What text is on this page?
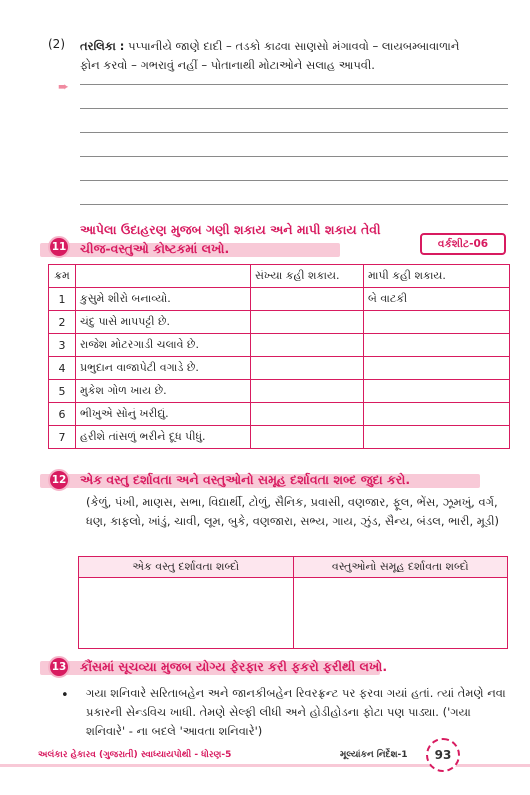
(2) તરલિકા : પપ્પાનીયે જાણે દાદી – તડકો કાઢવા સાણસો મંગાવવો – લાયબમ્બાવાળાને
ફોન કરવો – ગભરાવું નહીં – પોતાનાથી મોટાઓને સલાહ આપવી.
➨
11
આપેલા ઉદાહરણ મુજબ ગણી શકાય અને માપી શકાય તેવી
ચીજ-વસ્તુઓ કોષ્ટકમાં લખો.	વર્કશીટ-06
ક્રમ		સંખ્યા કહી શકાય.	માપી કહી શકાય.
1	કુસુમે શીરો બનાવ્યો.		બે વાટકી
2	ચંદુ પાસે માપપટ્ટી છે.		
3	રાજેશ મોટરગાડી ચલાવે છે.		
4	પ્રભુદાન વાજાપેટી વગાડે છે.		
5	મુકેશ ગોળ ખાય છે.		
6	ભીખુએ સોનું ખરીદ્યું.		
7	હરીશે તાંસળું ભરીને દૂધ પીધું.		
12 એક વસ્તુ દર્શાવતા અને વસ્તુઓનો સમૂહ દર્શાવતા શબ્દ જુદા કરો.
(કેળું, પંખી, માણસ, સભા, વિદ્યાર્થી, ટોળું, સૈનિક, પ્રવાસી, વણજાર, ફૂલ, ભેંસ, ઝૂમખું, વર્ગ, ધણ, કાફલો, ખાંડું, ચાવી, લૂમ, બુકે, વણજારા, સભ્ય, ગાય, ઝુંડ, સૈન્ય, બંડલ, ભારી, મૂડી)
એક વસ્તુ દર્શાવતા શબ્દો	વસ્તુઓનો સમૂહ દર્શાવતા શબ્દો

13 કૌંસમાં સૂચવ્યા મુજબ યોગ્ય ફેરફાર કરી ફકરો ફરીથી લખો.
• ગયા શનિવારે સરિતાબહેન અને જાનકીબહેન રિવરફ્રન્ટ પર ફરવા ગયાં હતાં. ત્યાં તેમણે નવા પ્રકારની સેન્ડવિચ ખાધી. તેમણે સેલ્ફી લીધી અને હોડીહોડના ફોટા પણ પાડ્યા. ('ગયા શનિવારે' - ના બદલે 'આવતા શનિવારે')
અલંકાર હેકારવ (ગુજરાતી) સ્વાધ્યાયપોથી - ધોરણ-5	મૂલ્યાંકન નિર્દેશ-1	93
